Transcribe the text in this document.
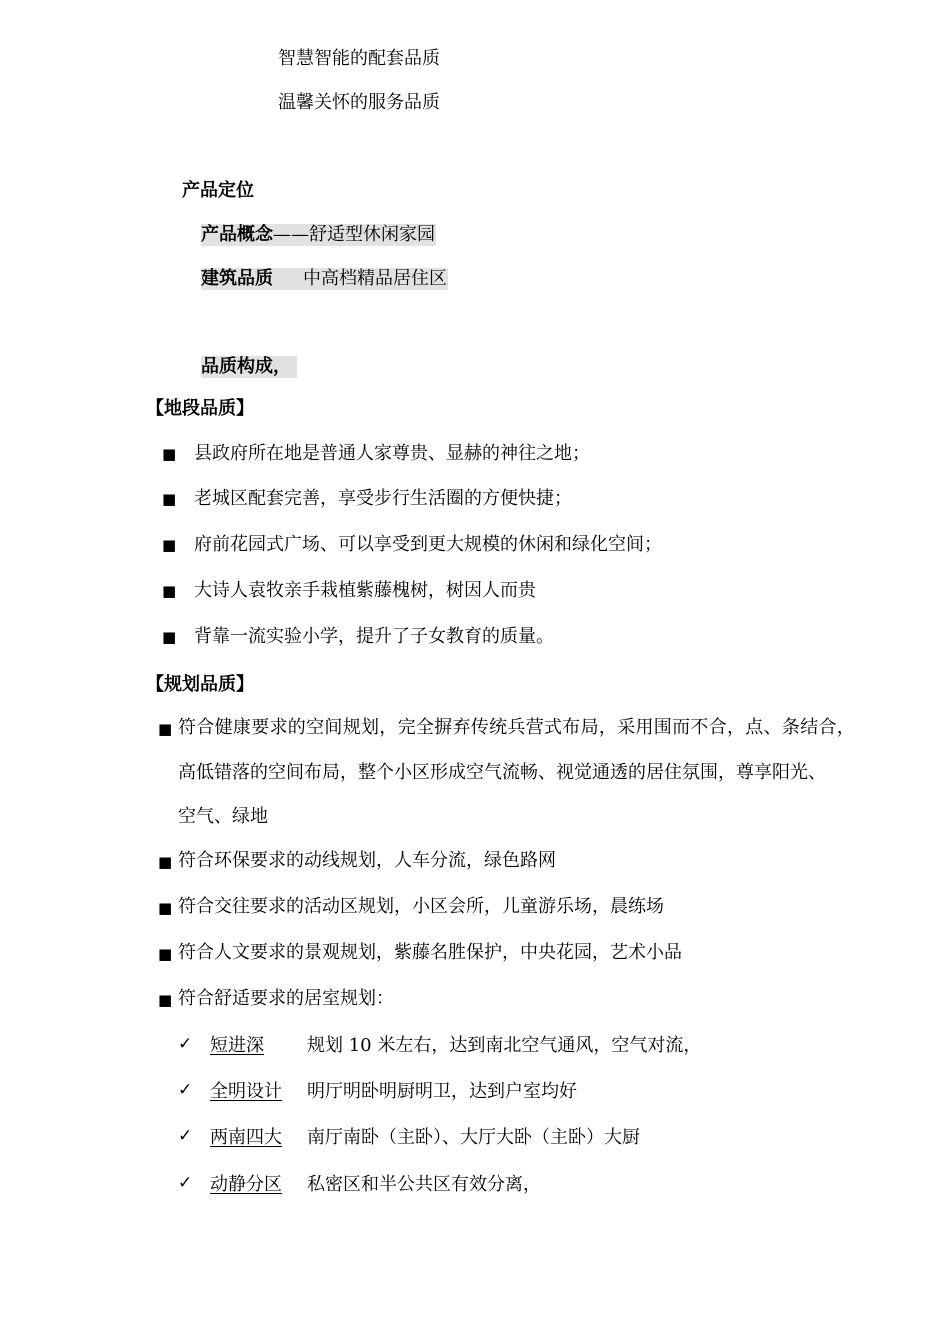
智慧智能的配套品质
温馨关怀的服务品质
产品定位
产品概念——舒适型休闲家园
建筑品质 中高档精品居住区
品质构成，
【地段品质】
■ 县政府所在地是普通人家尊贵、显赫的神往之地；
■ 老城区配套完善，享受步行生活圈的方便快捷；
■ 府前花园式广场、可以享受到更大规模的休闲和绿化空间；
■ 大诗人袁牧亲手栽植紫藤槐树，树因人而贵
■ 背靠一流实验小学，提升了子女教育的质量。
【规划品质】
■ 符合健康要求的空间规划，完全摒弃传统兵营式布局，采用围而不合，点、条结合，
高低错落的空间布局，整个小区形成空气流畅、视觉通透的居住氛围，尊享阳光、
空气、绿地
■ 符合环保要求的动线规划，人车分流，绿色路网
■ 符合交往要求的活动区规划，小区会所，儿童游乐场，晨练场
■ 符合人文要求的景观规划，紫藤名胜保护，中央花园，艺术小品
■ 符合舒适要求的居室规划：
✓ 短进深 规划 10 米左右，达到南北空气通风，空气对流，
✓ 全明设计 明厅明卧明厨明卫，达到户室均好
✓ 两南四大 南厅南卧（主卧）、大厅大卧（主卧）大厨
✓ 动静分区 私密区和半公共区有效分离，
